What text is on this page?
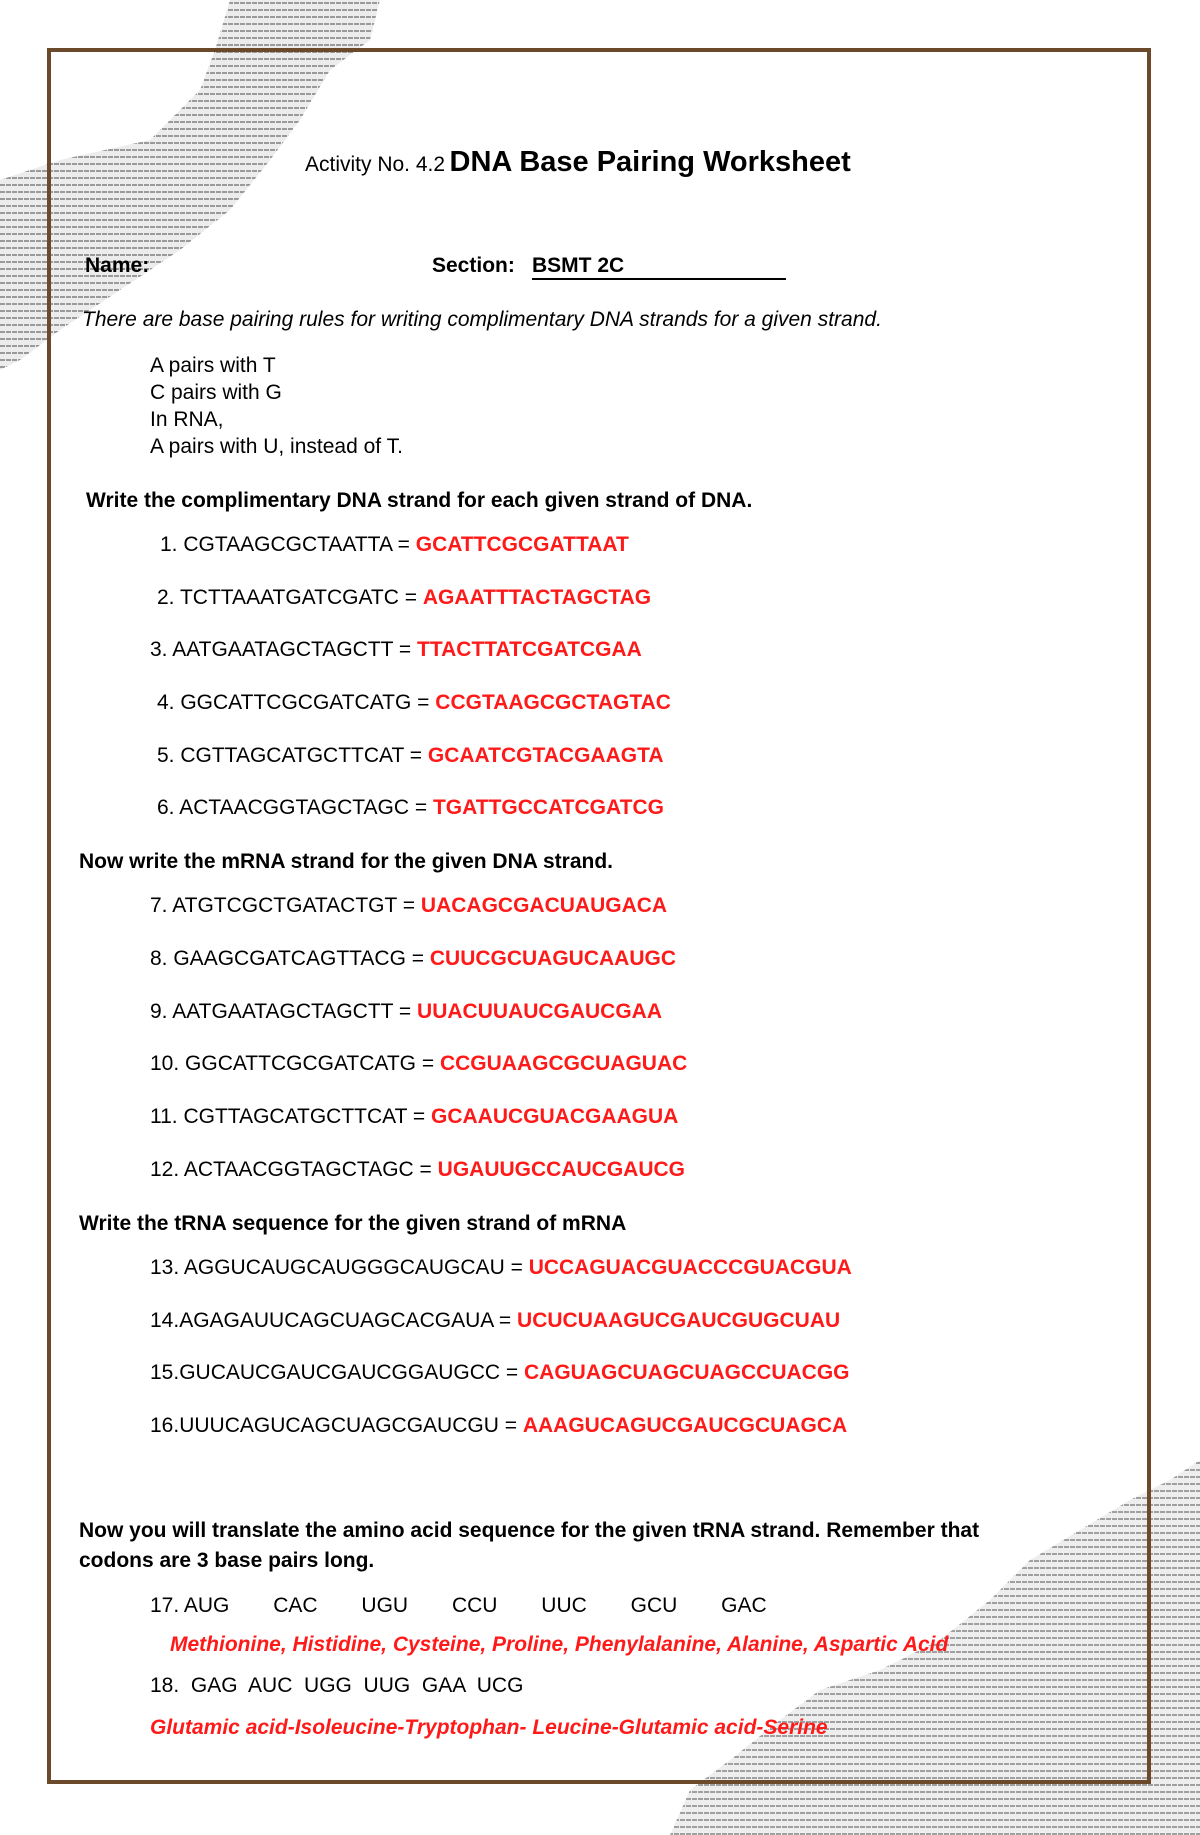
Activity No. 4.2 DNA Base Pairing Worksheet
Name:	Section: BSMT 2C
There are base pairing rules for writing complimentary DNA strands for a given strand.
A pairs with T
C pairs with G
In RNA,
A pairs with U, instead of T.
Write the complimentary DNA strand for each given strand of DNA.
1. CGTAAGCGCTAATTA = GCATTCGCGATTAAT
2. TCTTAAATGATCGATC = AGAATTTACTAGCTAG
3. AATGAATAGCTAGCTT = TTACTTATCGATCGAA
4. GGCATTCGCGATCATG = CCGTAAGCGCTAGTAC
5. CGTTAGCATGCTTCAT = GCAATCGTACGAAGTA
6. ACTAACGGTAGCTAGC = TGATTGCCATCGATCG
Now write the mRNA strand for the given DNA strand.
7. ATGTCGCTGATACTGT = UACAGCGACUAUGACA
8. GAAGCGATCAGTTACG = CUUCGCUAGUCAAUGC
9. AATGAATAGCTAGCTT = UUACUUAUCGAUCGAA
10. GGCATTCGCGATCATG = CCGUAAGCGCUAGUAC
11. CGTTAGCATGCTTCAT = GCAAUCGUACGAAGUA
12. ACTAACGGTAGCTAGC = UGAUUGCCAUCGAUCG
Write the tRNA sequence for the given strand of mRNA
13. AGGUCAUGCAUGGGCAUGCAU = UCCAGUACGUACCCGUACGUA
14.AGAGAUUCAGCUAGCACGAUA = UCUCUAAGUCGAUCGUGCUAU
15.GUCAUCGAUCGAUCGGAUGCC = CAGUAGCUAGCUAGCCUACGG
16.UUUCAGUCAGCUAGCGAUCGU = AAAGUCAGUCGAUCGCUAGCA
Now you will translate the amino acid sequence for the given tRNA strand. Remember that
codons are 3 base pairs long.
17. AUG CAC UGU CCU UUC GCU GAC
Methionine, Histidine, Cysteine, Proline, Phenylalanine, Alanine, Aspartic Acid
18.  GAG  AUC  UGG  UUG  GAA  UCG
Glutamic acid-Isoleucine-Tryptophan- Leucine-Glutamic acid-Serine
